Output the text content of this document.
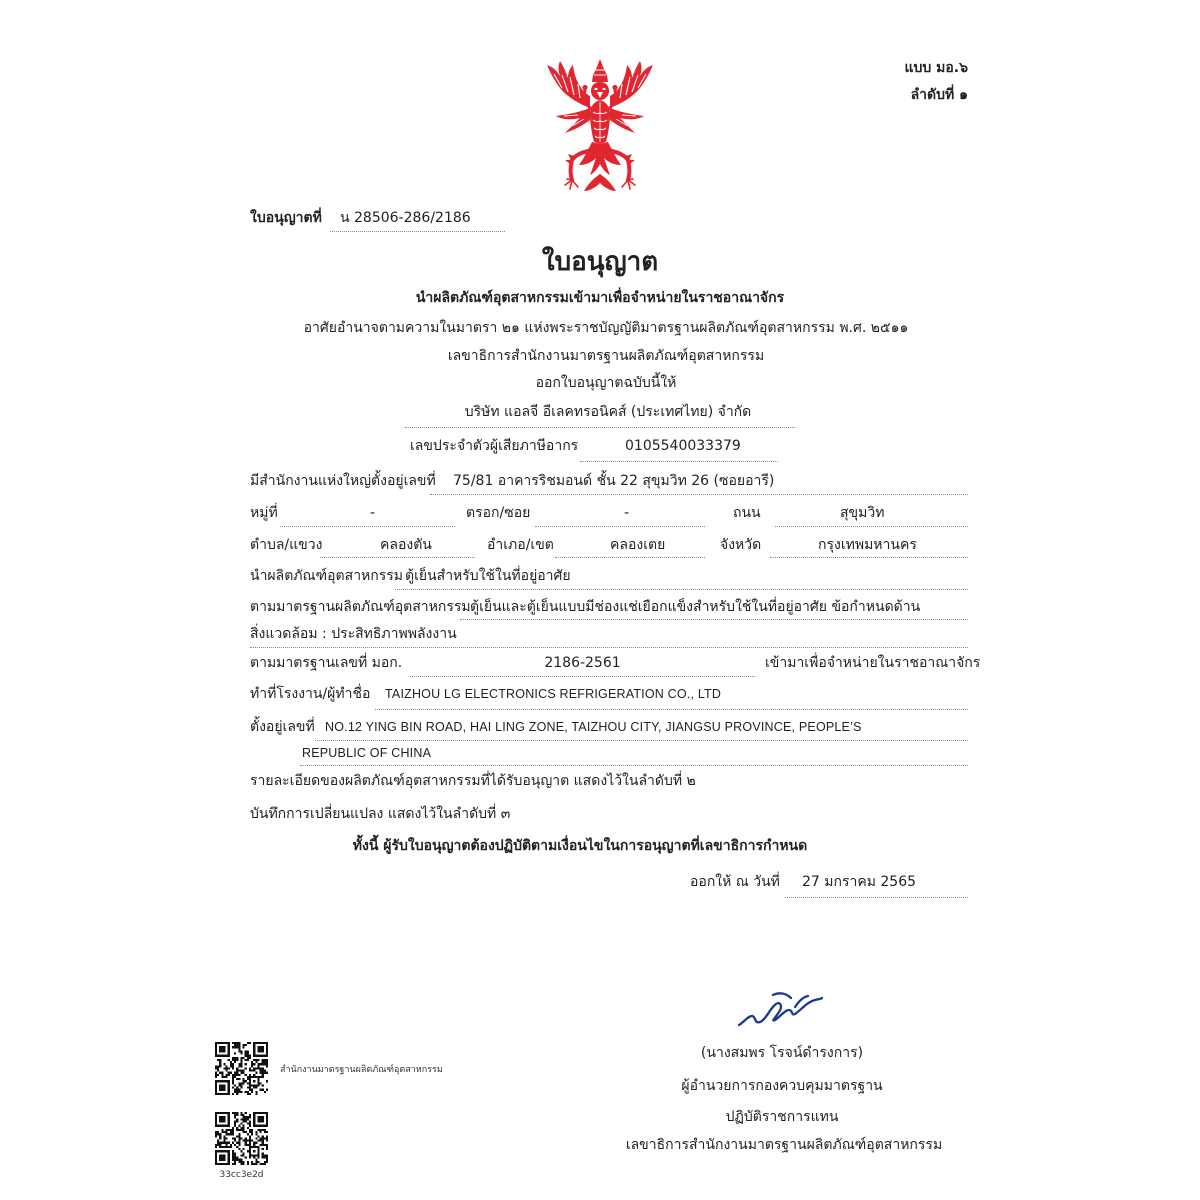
แบบ มอ.๖
ลำดับที่ ๑
ใบอนุญาตที่ น 28506-286/2186
ใบอนุญาต
นำผลิตภัณฑ์อุตสาหกรรมเข้ามาเพื่อจำหน่ายในราชอาณาจักร
อาศัยอำนาจตามความในมาตรา ๒๑ แห่งพระราชบัญญัติมาตรฐานผลิตภัณฑ์อุตสาหกรรม พ.ศ. ๒๕๑๑
เลขาธิการสำนักงานมาตรฐานผลิตภัณฑ์อุตสาหกรรม
ออกใบอนุญาตฉบับนี้ให้
บริษัท แอลจี อีเลคทรอนิคส์ (ประเทศไทย) จำกัด
เลขประจำตัวผู้เสียภาษีอากร	0105540033379
มีสำนักงานแห่งใหญ่ตั้งอยู่เลขที่ 75/81 อาคารริชมอนด์ ชั้น 22 สุขุมวิท 26 (ซอยอารี)
หมู่ที่	-	ตรอก/ซอย	-	ถนน	สุขุมวิท
ตำบล/แขวง	คลองตัน	อำเภอ/เขต	คลองเตย	จังหวัด	กรุงเทพมหานคร
นำผลิตภัณฑ์อุตสาหกรรม ตู้เย็นสำหรับใช้ในที่อยู่อาศัย
ตามมาตรฐานผลิตภัณฑ์อุตสาหกรรม ตู้เย็นและตู้เย็นแบบมีช่องแช่เยือกแข็งสำหรับใช้ในที่อยู่อาศัย ข้อกำหนดด้าน
สิ่งแวดล้อม : ประสิทธิภาพพลังงาน
ตามมาตรฐานเลขที่ มอก.	2186-2561	เข้ามาเพื่อจำหน่ายในราชอาณาจักร
ทำที่โรงงาน/ผู้ทำชื่อ TAIZHOU LG ELECTRONICS REFRIGERATION CO., LTD
ตั้งอยู่เลขที่ NO.12 YING BIN ROAD, HAI LING ZONE, TAIZHOU CITY, JIANGSU PROVINCE, PEOPLE’S
REPUBLIC OF CHINA
รายละเอียดของผลิตภัณฑ์อุตสาหกรรมที่ได้รับอนุญาต แสดงไว้ในลำดับที่ ๒
บันทึกการเปลี่ยนแปลง แสดงไว้ในลำดับที่ ๓
ทั้งนี้ ผู้รับใบอนุญาตต้องปฏิบัติตามเงื่อนไขในการอนุญาตที่เลขาธิการกำหนด
ออกให้ ณ วันที่ 27 มกราคม 2565
(นางสมพร โรจน์ดำรงการ)
ผู้อำนวยการกองควบคุมมาตรฐาน
ปฏิบัติราชการแทน
เลขาธิการสำนักงานมาตรฐานผลิตภัณฑ์อุตสาหกรรม
สำนักงานมาตรฐานผลิตภัณฑ์อุตสาหกรรม
33cc3e2d
